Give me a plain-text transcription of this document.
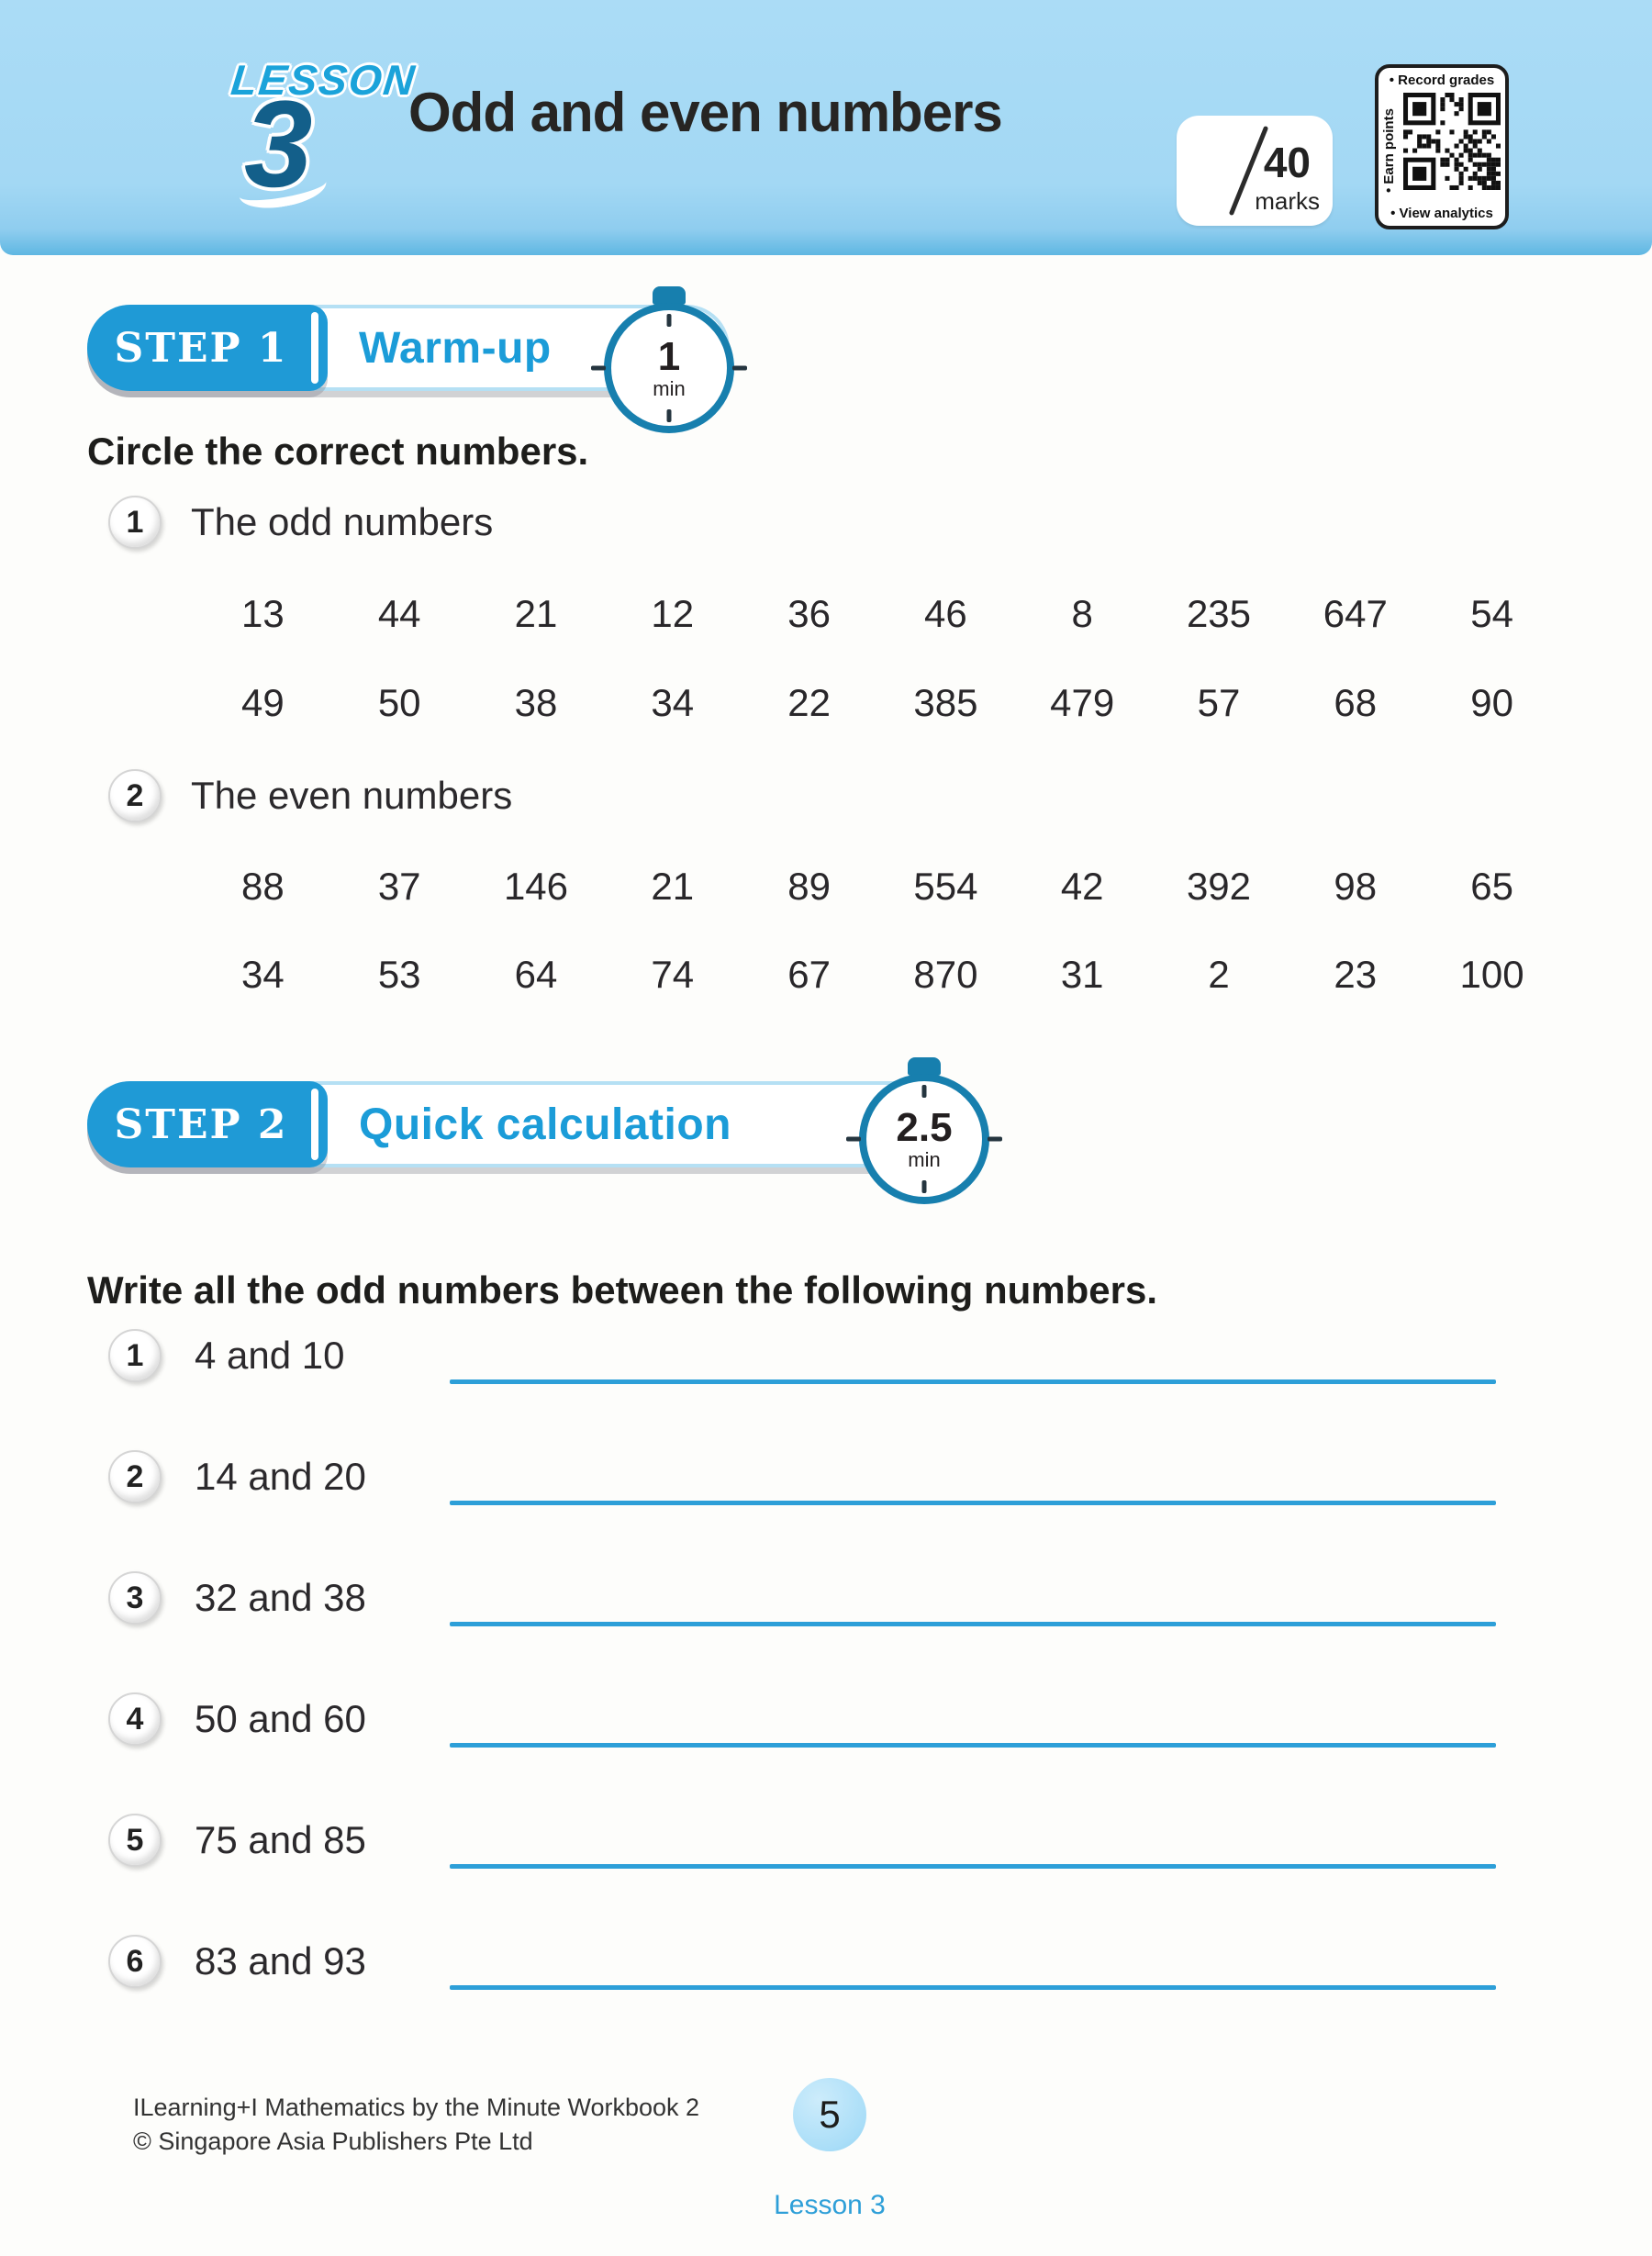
LESSON
3 Odd and even numbers
40
marks
• Record grades
• Earn points
• View analytics
STEP 1 Warm-up	1
min
Circle the correct numbers.
1 The odd numbers
13	44	21	12	36	46	8	235	647	54
49	50	38	34	22	385	479	57	68	90
2 The even numbers
88	37	146	21	89	554	42	392	98	65
34	53	64	74	67	870	31	2	23	100
STEP 2 Quick calculation	2.5
min
Write all the odd numbers between the following numbers.
1 4 and 10
2 14 and 20
3 32 and 38
4 50 and 60
5 75 and 85
6 83 and 93
ILearning+I Mathematics by the Minute Workbook 2
© Singapore Asia Publishers Pte Ltd
5
Lesson 3
